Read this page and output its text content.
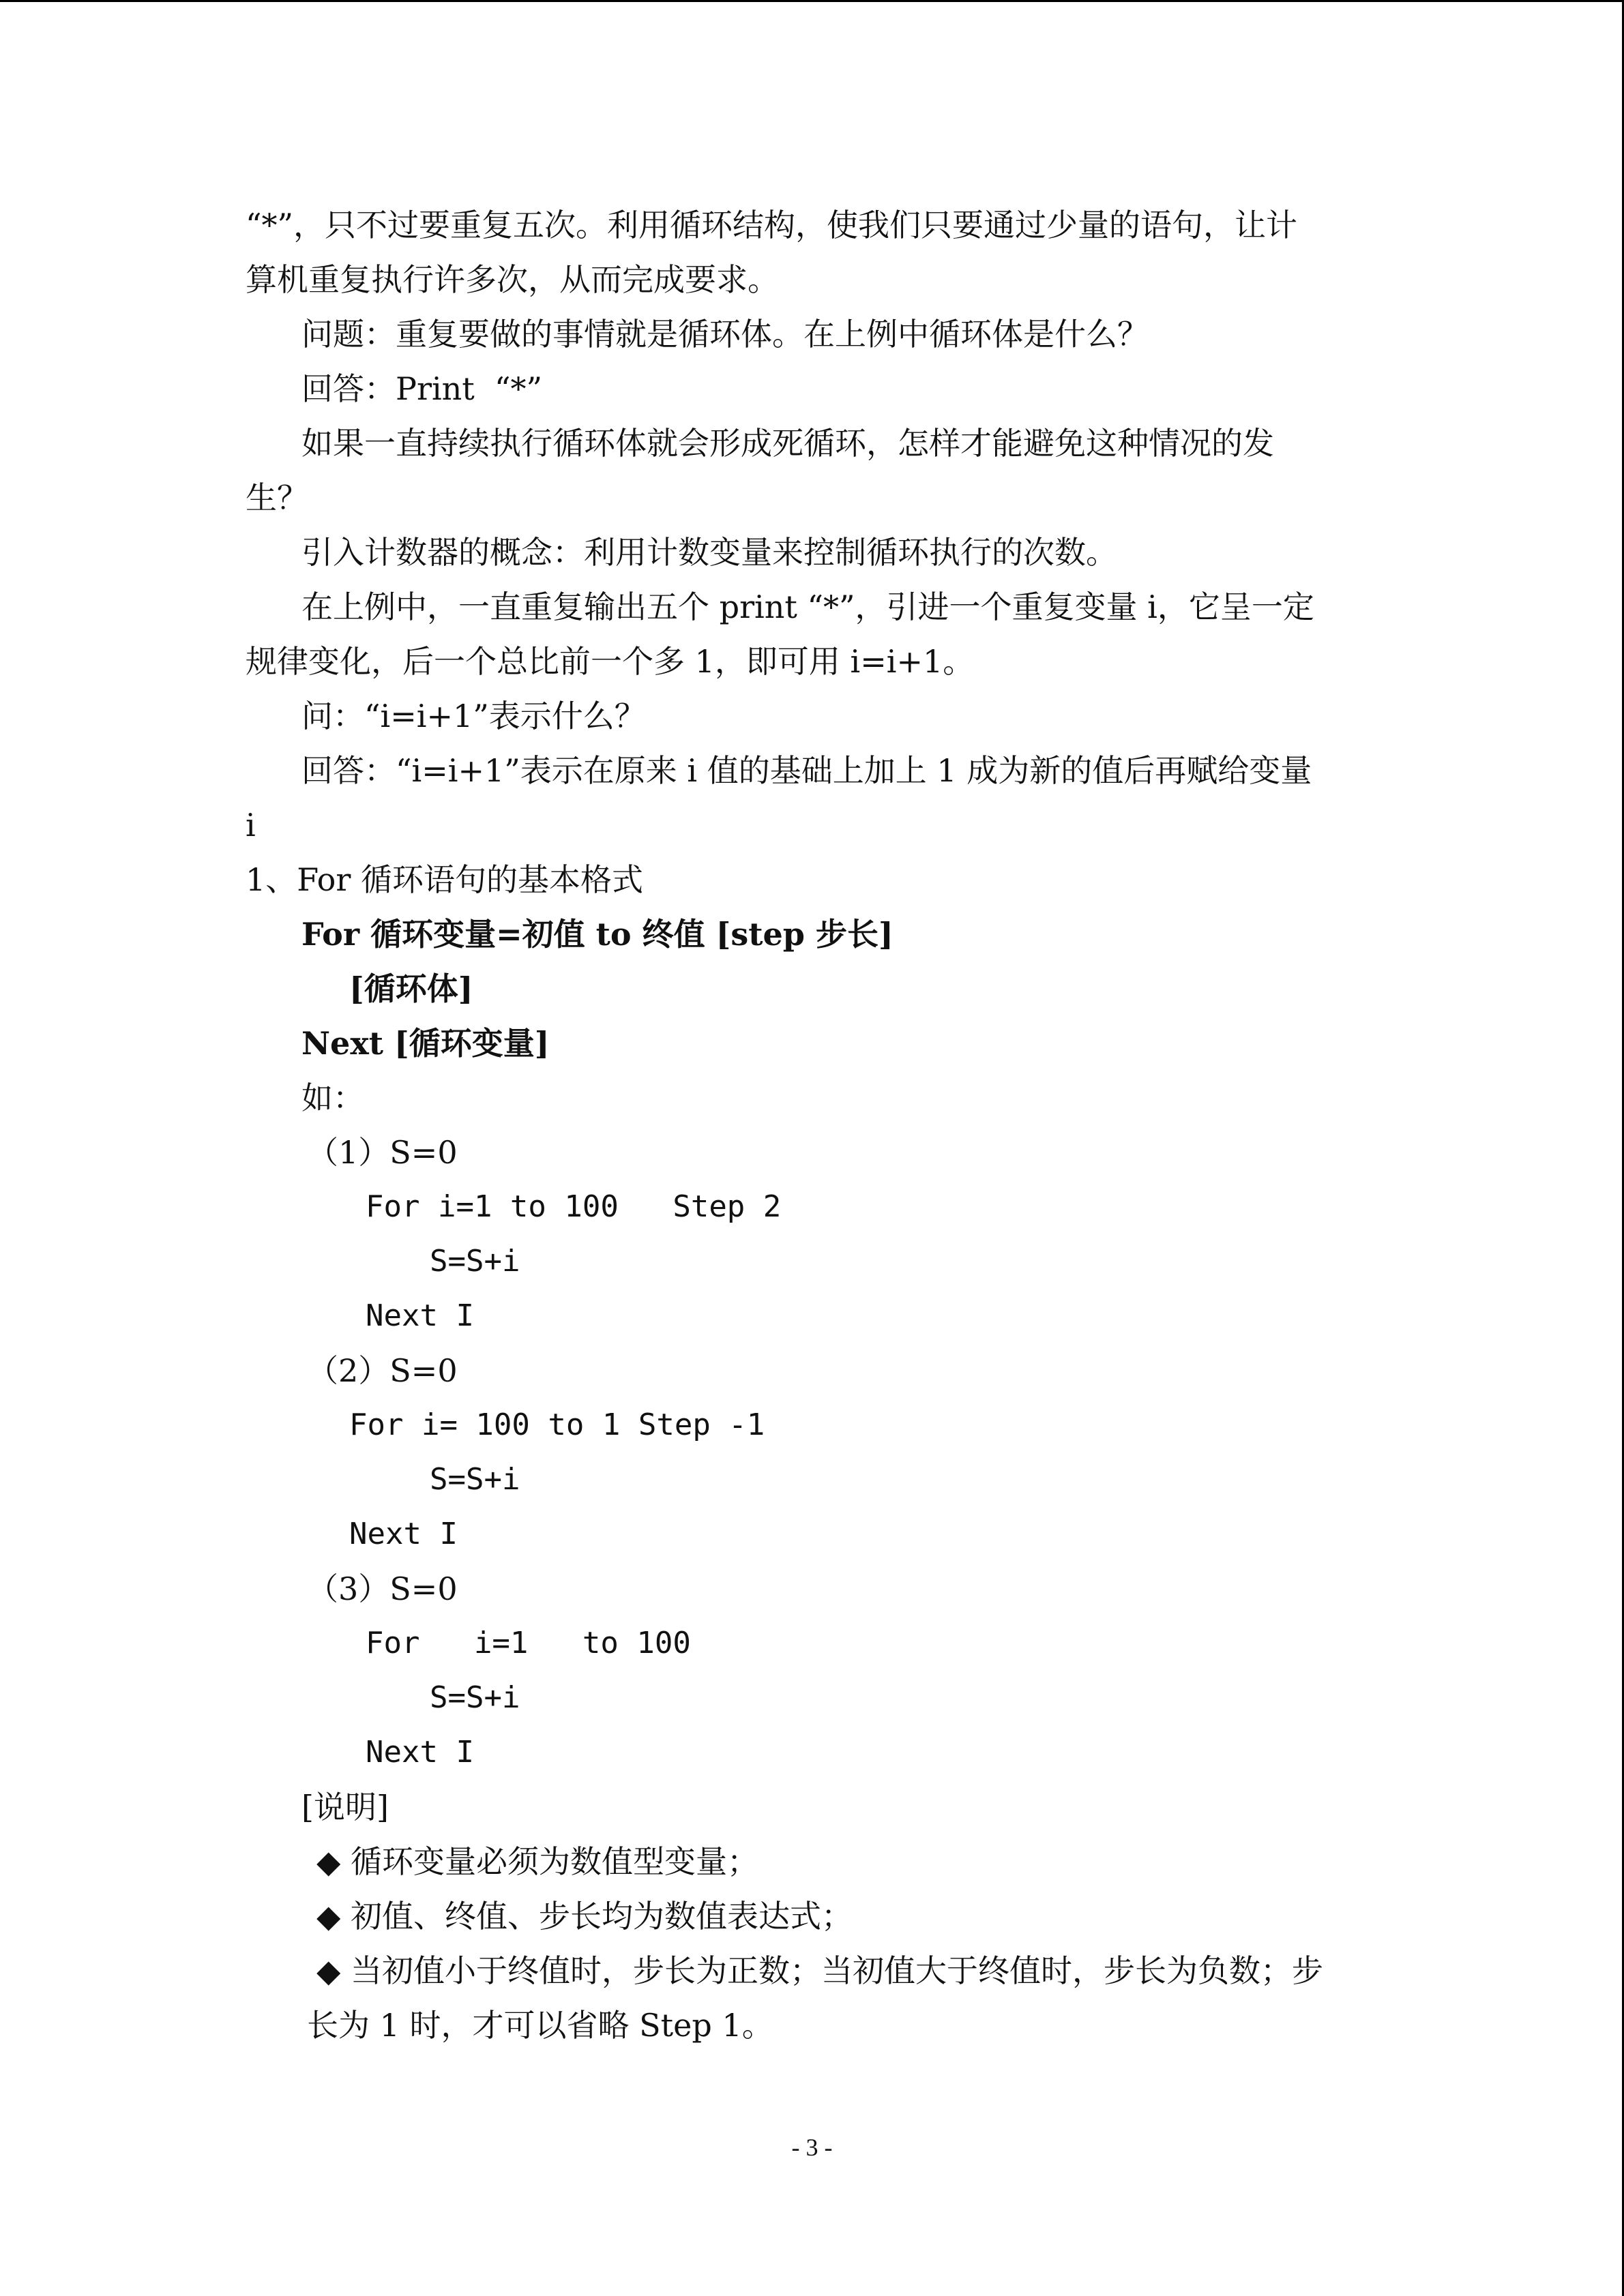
“*”，只不过要重复五次。利用循环结构，使我们只要通过少量的语句，让计
算机重复执行许多次，从而完成要求。
问题：重复要做的事情就是循环体。在上例中循环体是什么？
回答：Print  “*”
如果一直持续执行循环体就会形成死循环，怎样才能避免这种情况的发
生？
引入计数器的概念：利用计数变量来控制循环执行的次数。
在上例中，一直重复输出五个 print “*”，引进一个重复变量 i，它呈一定
规律变化，后一个总比前一个多 1，即可用 i=i+1。
问：“i=i+1”表示什么？
回答：“i=i+1”表示在原来 i 值的基础上加上 1 成为新的值后再赋给变量
i
1、For 循环语句的基本格式
For 循环变量=初值 to 终值 [step 步长]
[循环体]
Next [循环变量]
如：
（1）S=0
For i=1 to 100   Step 2
S=S+i
Next I
（2）S=0
For i= 100 to 1 Step -1
S=S+i
Next I
（3）S=0
For   i=1   to 100
S=S+i
Next I
[说明]
◆ 循环变量必须为数值型变量；
◆ 初值、终值、步长均为数值表达式；
◆ 当初值小于终值时，步长为正数；当初值大于终值时，步长为负数；步
长为 1 时，才可以省略 Step 1。
- 3 -
